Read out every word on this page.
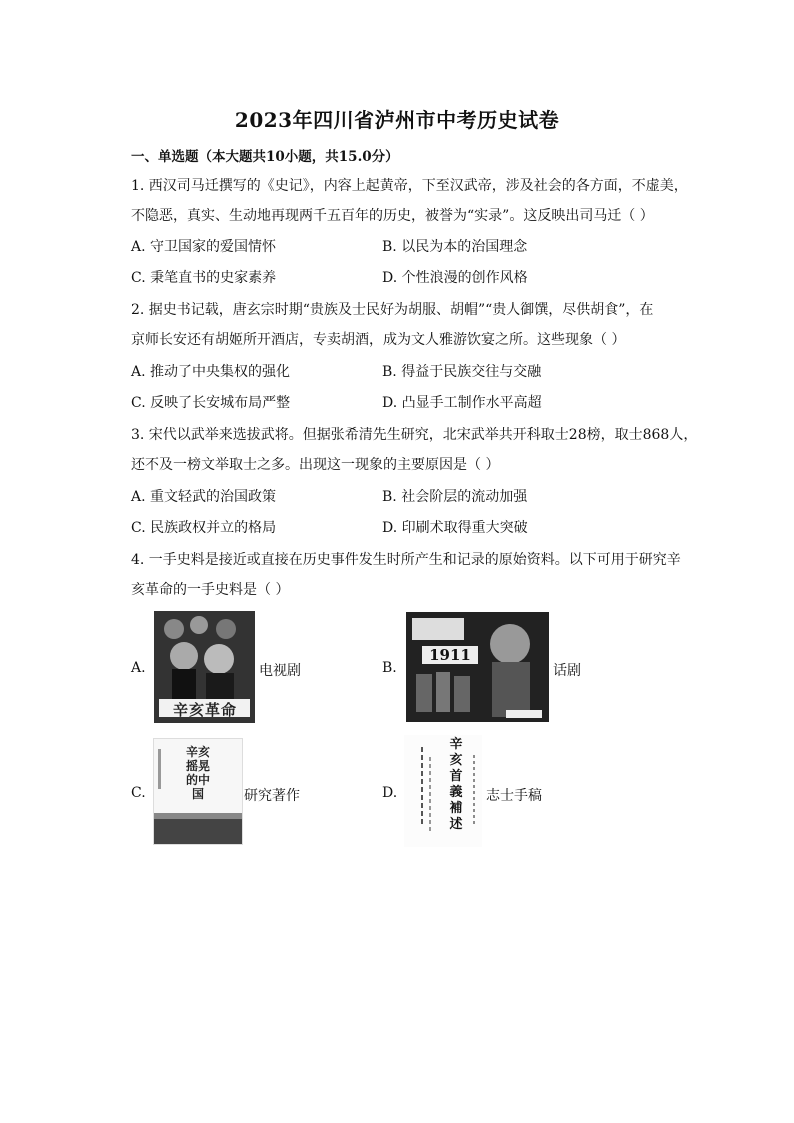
2023年四川省泸州市中考历史试卷
一、单选题（本大题共10小题，共15.0分）
1. 西汉司马迁撰写的《史记》，内容上起黄帝，下至汉武帝，涉及社会的各方面，不虚美，
不隐恶，真实、生动地再现两千五百年的历史，被誉为“实录”。这反映出司马迁（ ）
A. 守卫国家的爱国情怀	B. 以民为本的治国理念
C. 秉笔直书的史家素养	D. 个性浪漫的创作风格
2. 据史书记载，唐玄宗时期“贵族及士民好为胡服、胡帽”“贵人御馔，尽供胡食”，在
京师长安还有胡姬所开酒店，专卖胡酒，成为文人雅游饮宴之所。这些现象（ ）
A. 推动了中央集权的强化	B. 得益于民族交往与交融
C. 反映了长安城布局严整	D. 凸显手工制作水平高超
3. 宋代以武举来选拔武将。但据张希清先生研究，北宋武举共开科取士28榜，取士868人，
还不及一榜文举取士之多。出现这一现象的主要原因是（ ）
A. 重文轻武的治国政策	B. 社会阶层的流动加强
C. 民族政权并立的格局	D. 印刷术取得重大突破
4. 一手史料是接近或直接在历史事件发生时所产生和记录的原始资料。以下可用于研究辛
亥革命的一手史料是（ ）
A.
辛亥革命
电视剧	B.
1911
话剧
C.
辛亥摇晃的中国	研究著作	D.
辛亥首義補述
志士手稿
